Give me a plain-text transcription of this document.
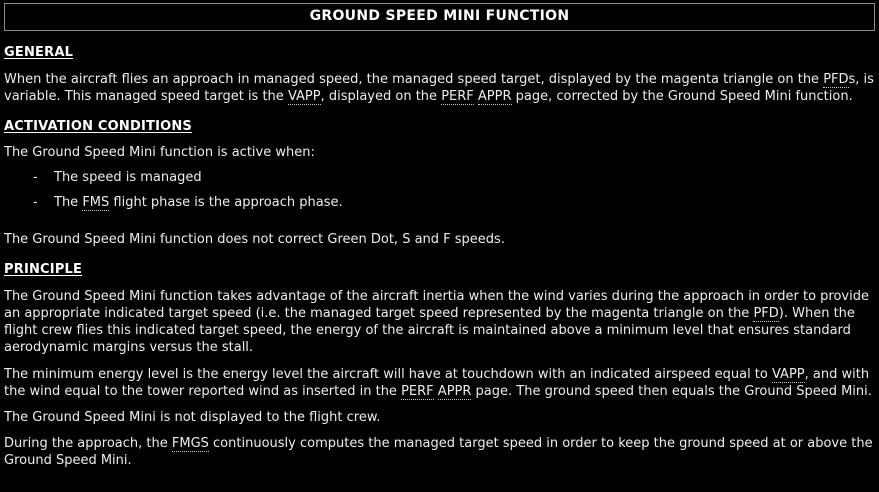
GROUND SPEED MINI FUNCTION
GENERAL

When the aircraft flies an approach in managed speed, the managed speed target, displayed by the magenta triangle on the PFDs, is variable. This managed speed target is the VAPP, displayed on the PERF APPR page, corrected by the Ground Speed Mini function.

ACTIVATION CONDITIONS

The Ground Speed Mini function is active when:

-	The speed is managed
-	The FMS flight phase is the approach phase.

The Ground Speed Mini function does not correct Green Dot, S and F speeds.

PRINCIPLE

The Ground Speed Mini function takes advantage of the aircraft inertia when the wind varies during the approach in order to provide an appropriate indicated target speed (i.e. the managed target speed represented by the magenta triangle on the PFD). When the flight crew flies this indicated target speed, the energy of the aircraft is maintained above a minimum level that ensures standard aerodynamic margins versus the stall.

The minimum energy level is the energy level the aircraft will have at touchdown with an indicated airspeed equal to VAPP, and with the wind equal to the tower reported wind as inserted in the PERF APPR page. The ground speed then equals the Ground Speed Mini.

The Ground Speed Mini is not displayed to the flight crew.

During the approach, the FMGS continuously computes the managed target speed in order to keep the ground speed at or above the Ground Speed Mini.
